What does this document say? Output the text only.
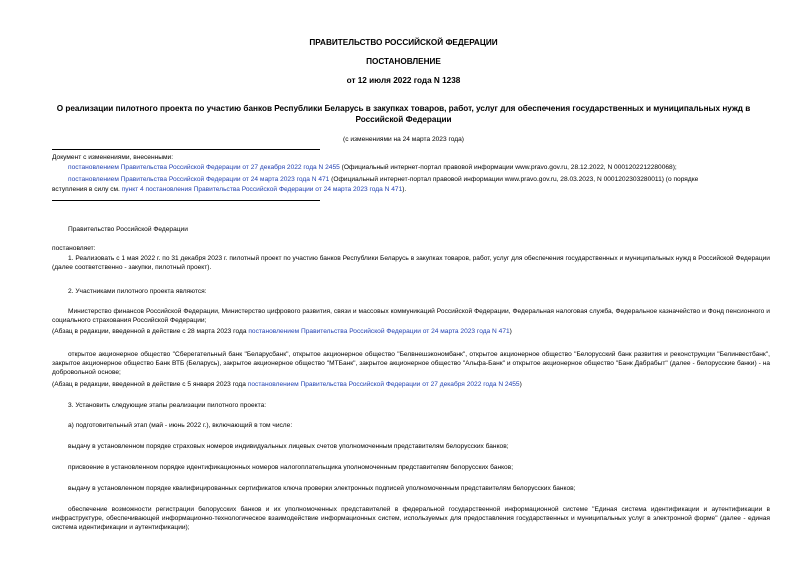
ПРАВИТЕЛЬСТВО РОССИЙСКОЙ ФЕДЕРАЦИИ
ПОСТАНОВЛЕНИЕ
от 12 июля 2022 года N 1238
О реализации пилотного проекта по участию банков Республики Беларусь в закупках товаров, работ, услуг для обеспечения государственных и муниципальных нужд в Российской Федерации
(с изменениями на 24 марта 2023 года)
Документ с изменениями, внесенными:
постановлением Правительства Российской Федерации от 27 декабря 2022 года N 2455 (Официальный интернет-портал правовой информации www.pravo.gov.ru, 28.12.2022, N 0001202212280068);
постановлением Правительства Российской Федерации от 24 марта 2023 года N 471 (Официальный интернет-портал правовой информации www.pravo.gov.ru, 28.03.2023, N 0001202303280011) (о порядке
вступления в силу см. пункт 4 постановления Правительства Российской Федерации от 24 марта 2023 года N 471).
Правительство Российской Федерации
постановляет:
1. Реализовать с 1 мая 2022 г. по 31 декабря 2023 г. пилотный проект по участию банков Республики Беларусь в закупках товаров, работ, услуг для обеспечения государственных и муниципальных нужд в Российской Федерации (далее соответственно - закупки, пилотный проект).
2. Участниками пилотного проекта являются:
Министерство финансов Российской Федерации, Министерство цифрового развития, связи и массовых коммуникаций Российской Федерации, Федеральная налоговая служба, Федеральное казначейство и Фонд пенсионного и социального страхования Российской Федерации;
(Абзац в редакции, введенной в действие с 28 марта 2023 года постановлением Правительства Российской Федерации от 24 марта 2023 года N 471)
открытое акционерное общество "Сберегательный банк "Беларусбанк", открытое акционерное общество "Белвнешэкономбанк", открытое акционерное общество "Белорусский банк развития и реконструкции "Белинвестбанк", закрытое акционерное общество Банк ВТБ (Беларусь), закрытое акционерное общество "МТБанк", закрытое акционерное общество "Альфа-Банк" и открытое акционерное общество "Банк Дабрабыт" (далее - белорусские банки) - на добровольной основе;
(Абзац в редакции, введенной в действие с 5 января 2023 года постановлением Правительства Российской Федерации от 27 декабря 2022 года N 2455)
3. Установить следующие этапы реализации пилотного проекта:
а) подготовительный этап (май - июнь 2022 г.), включающий в том числе:
выдачу в установленном порядке страховых номеров индивидуальных лицевых счетов уполномоченным представителям белорусских банков;
присвоение в установленном порядке идентификационных номеров налогоплательщика уполномоченным представителям белорусских банков;
выдачу в установленном порядке квалифицированных сертификатов ключа проверки электронных подписей уполномоченным представителям белорусских банков;
обеспечение возможности регистрации белорусских банков и их уполномоченных представителей в федеральной государственной информационной системе "Единая система идентификации и аутентификации в инфраструктуре, обеспечивающей информационно-технологическое взаимодействие информационных систем, используемых для предоставления государственных и муниципальных услуг в электронной форме" (далее - единая система идентификации и аутентификации);
